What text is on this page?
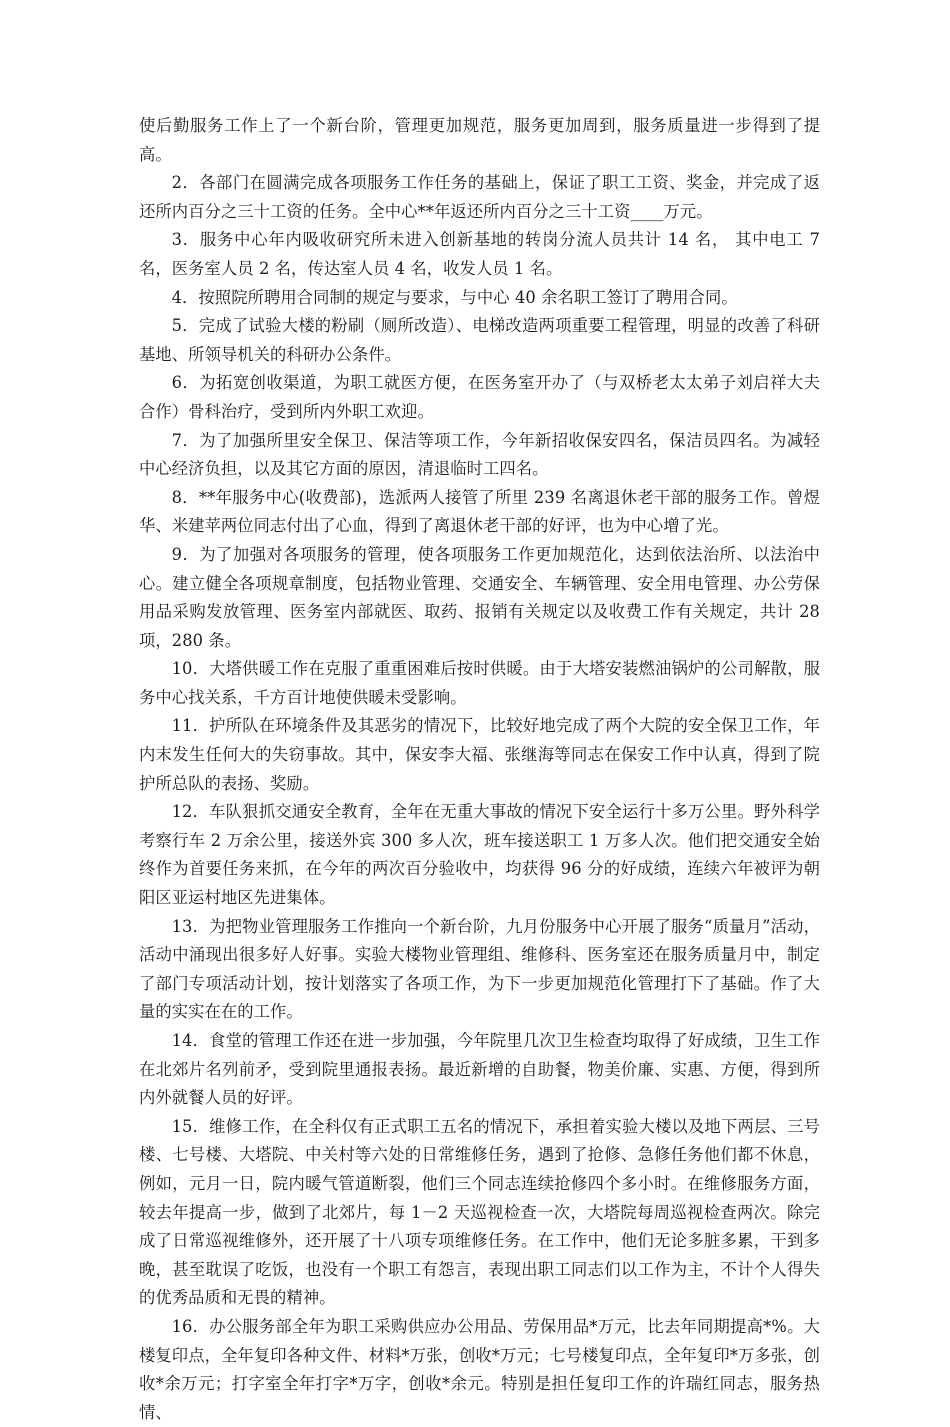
使后勤服务工作上了一个新台阶，管理更加规范，服务更加周到，服务质量进一步得到了提高。

2．各部门在圆满完成各项服务工作任务的基础上，保证了职工工资、奖金，并完成了返还所内百分之三十工资的任务。全中心**年返还所内百分之三十工资____万元。

3．服务中心年内吸收研究所未进入创新基地的转岗分流人员共计 14 名， 其中电工 7 名，医务室人员 2 名，传达室人员 4 名，收发人员 1 名。

4．按照院所聘用合同制的规定与要求，与中心 40 余名职工签订了聘用合同。

5．完成了试验大楼的粉刷（厕所改造）、电梯改造两项重要工程管理，明显的改善了科研基地、所领导机关的科研办公条件。

6．为拓宽创收渠道，为职工就医方便，在医务室开办了（与双桥老太太弟子刘启祥大夫合作）骨科治疗，受到所内外职工欢迎。

7．为了加强所里安全保卫、保洁等项工作，今年新招收保安四名，保洁员四名。为减轻中心经济负担，以及其它方面的原因，清退临时工四名。

8．**年服务中心(收费部)，选派两人接管了所里 239 名离退休老干部的服务工作。曾煜华、米建苹两位同志付出了心血，得到了离退休老干部的好评，也为中心增了光。

9．为了加强对各项服务的管理，使各项服务工作更加规范化，达到依法治所、以法治中心。建立健全各项规章制度，包括物业管理、交通安全、车辆管理、安全用电管理、办公劳保用品采购发放管理、医务室内部就医、取药、报销有关规定以及收费工作有关规定，共计 28 项，280 条。

10．大塔供暖工作在克服了重重困难后按时供暖。由于大塔安装燃油锅炉的公司解散，服务中心找关系，千方百计地使供暖未受影响。

11．护所队在环境条件及其恶劣的情况下，比较好地完成了两个大院的安全保卫工作，年内末发生任何大的失窃事故。其中，保安李大福、张继海等同志在保安工作中认真，得到了院护所总队的表扬、奖励。

12．车队狠抓交通安全教育，全年在无重大事故的情况下安全运行十多万公里。野外科学考察行车 2 万余公里，接送外宾 300 多人次，班车接送职工 1 万多人次。他们把交通安全始终作为首要任务来抓，在今年的两次百分验收中，均获得 96 分的好成绩，连续六年被评为朝阳区亚运村地区先进集体。

13．为把物业管理服务工作推向一个新台阶，九月份服务中心开展了服务“质量月”活动，活动中涌现出很多好人好事。实验大楼物业管理组、维修科、医务室还在服务质量月中，制定了部门专项活动计划，按计划落实了各项工作，为下一步更加规范化管理打下了基础。作了大量的实实在在的工作。

14．食堂的管理工作还在进一步加强，今年院里几次卫生检查均取得了好成绩，卫生工作在北郊片名列前矛，受到院里通报表扬。最近新增的自助餐，物美价廉、实惠、方便，得到所内外就餐人员的好评。

15．维修工作，在全科仅有正式职工五名的情况下，承担着实验大楼以及地下两层、三号楼、七号楼、大塔院、中关村等六处的日常维修任务，遇到了抢修、急修任务他们都不休息，例如，元月一日，院内暖气管道断裂，他们三个同志连续抢修四个多小时。在维修服务方面，较去年提高一步，做到了北郊片，每 1－2 天巡视检查一次，大塔院每周巡视检查两次。除完成了日常巡视维修外，还开展了十八项专项维修任务。在工作中，他们无论多脏多累，干到多晚，甚至耽误了吃饭，也没有一个职工有怨言，表现出职工同志们以工作为主，不计个人得失的优秀品质和无畏的精神。

16．办公服务部全年为职工采购供应办公用品、劳保用品*万元，比去年同期提高*%。大楼复印点，全年复印各种文件、材料*万张，创收*万元；七号楼复印点，全年复印*万多张，创收*余万元；打字室全年打字*万字，创收*余元。特别是担任复印工作的许瑞红同志，服务热情、
